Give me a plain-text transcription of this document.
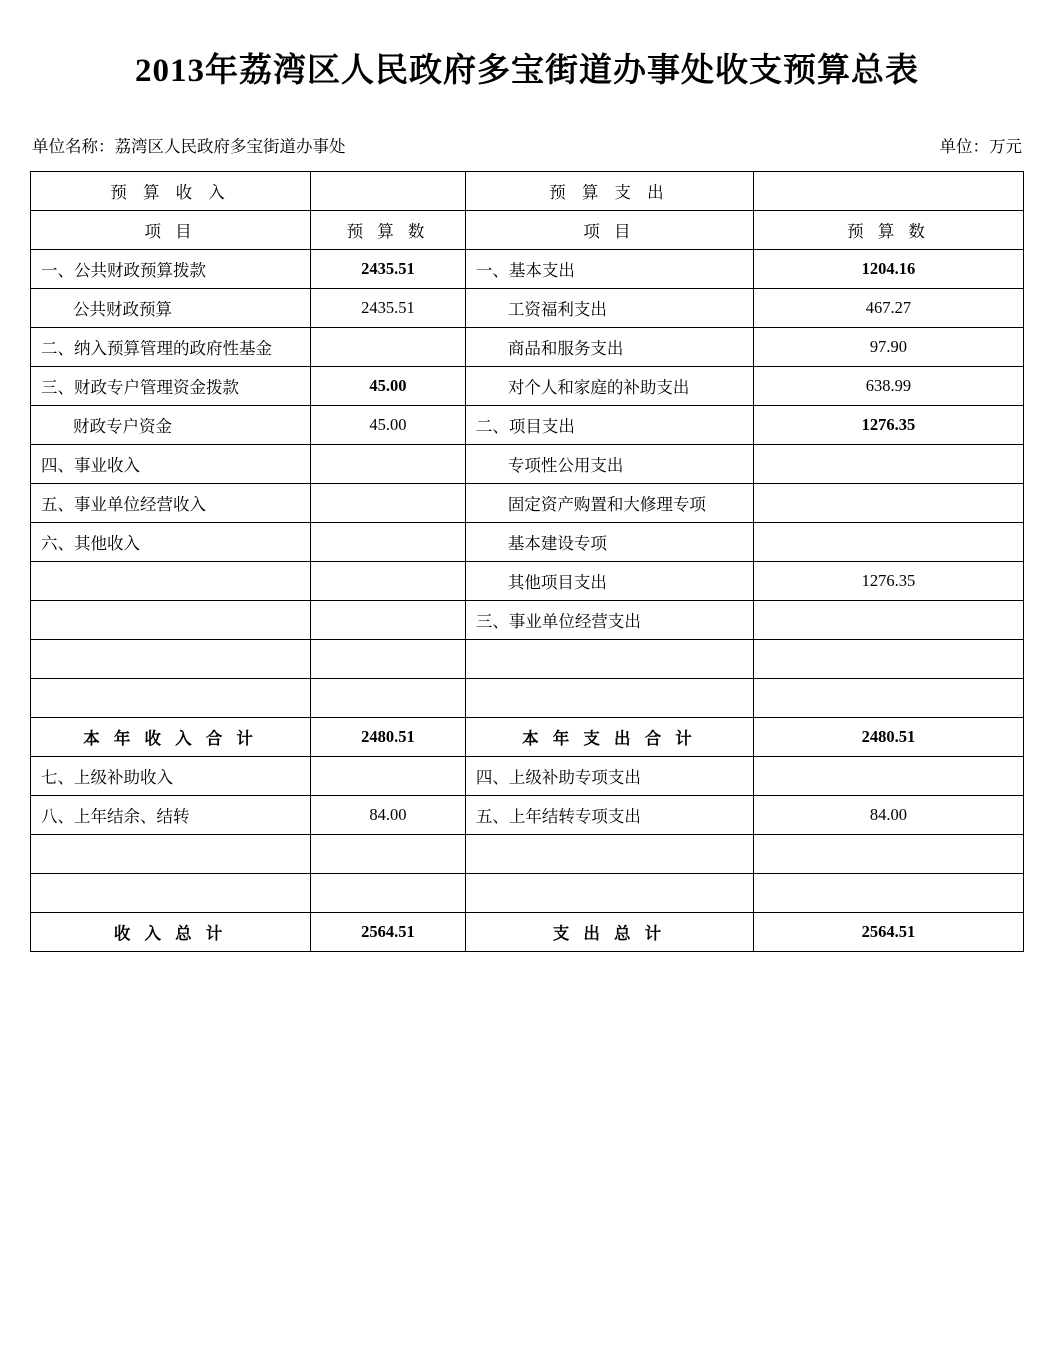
2013年荔湾区人民政府多宝街道办事处收支预算总表
单位名称：荔湾区人民政府多宝街道办事处	单位：万元
预 算 收 入		预 算 支 出	
项 目	预 算 数	项 目	预 算 数
一、公共财政预算拨款	2435.51	一、基本支出	1204.16
公共财政预算	2435.51	工资福利支出	467.27
二、纳入预算管理的政府性基金		商品和服务支出	97.90
三、财政专户管理资金拨款	45.00	对个人和家庭的补助支出	638.99
财政专户资金	45.00	二、项目支出	1276.35
四、事业收入		专项性公用支出	
五、事业单位经营收入		固定资产购置和大修理专项	
六、其他收入		基本建设专项	
		其他项目支出	1276.35
		三、事业单位经营支出	

本 年 收 入 合 计	2480.51	本 年 支 出 合 计	2480.51
七、上级补助收入		四、上级补助专项支出	
八、上年结余、结转	84.00	五、上年结转专项支出	84.00

收 入 总 计	2564.51	支 出 总 计	2564.51
